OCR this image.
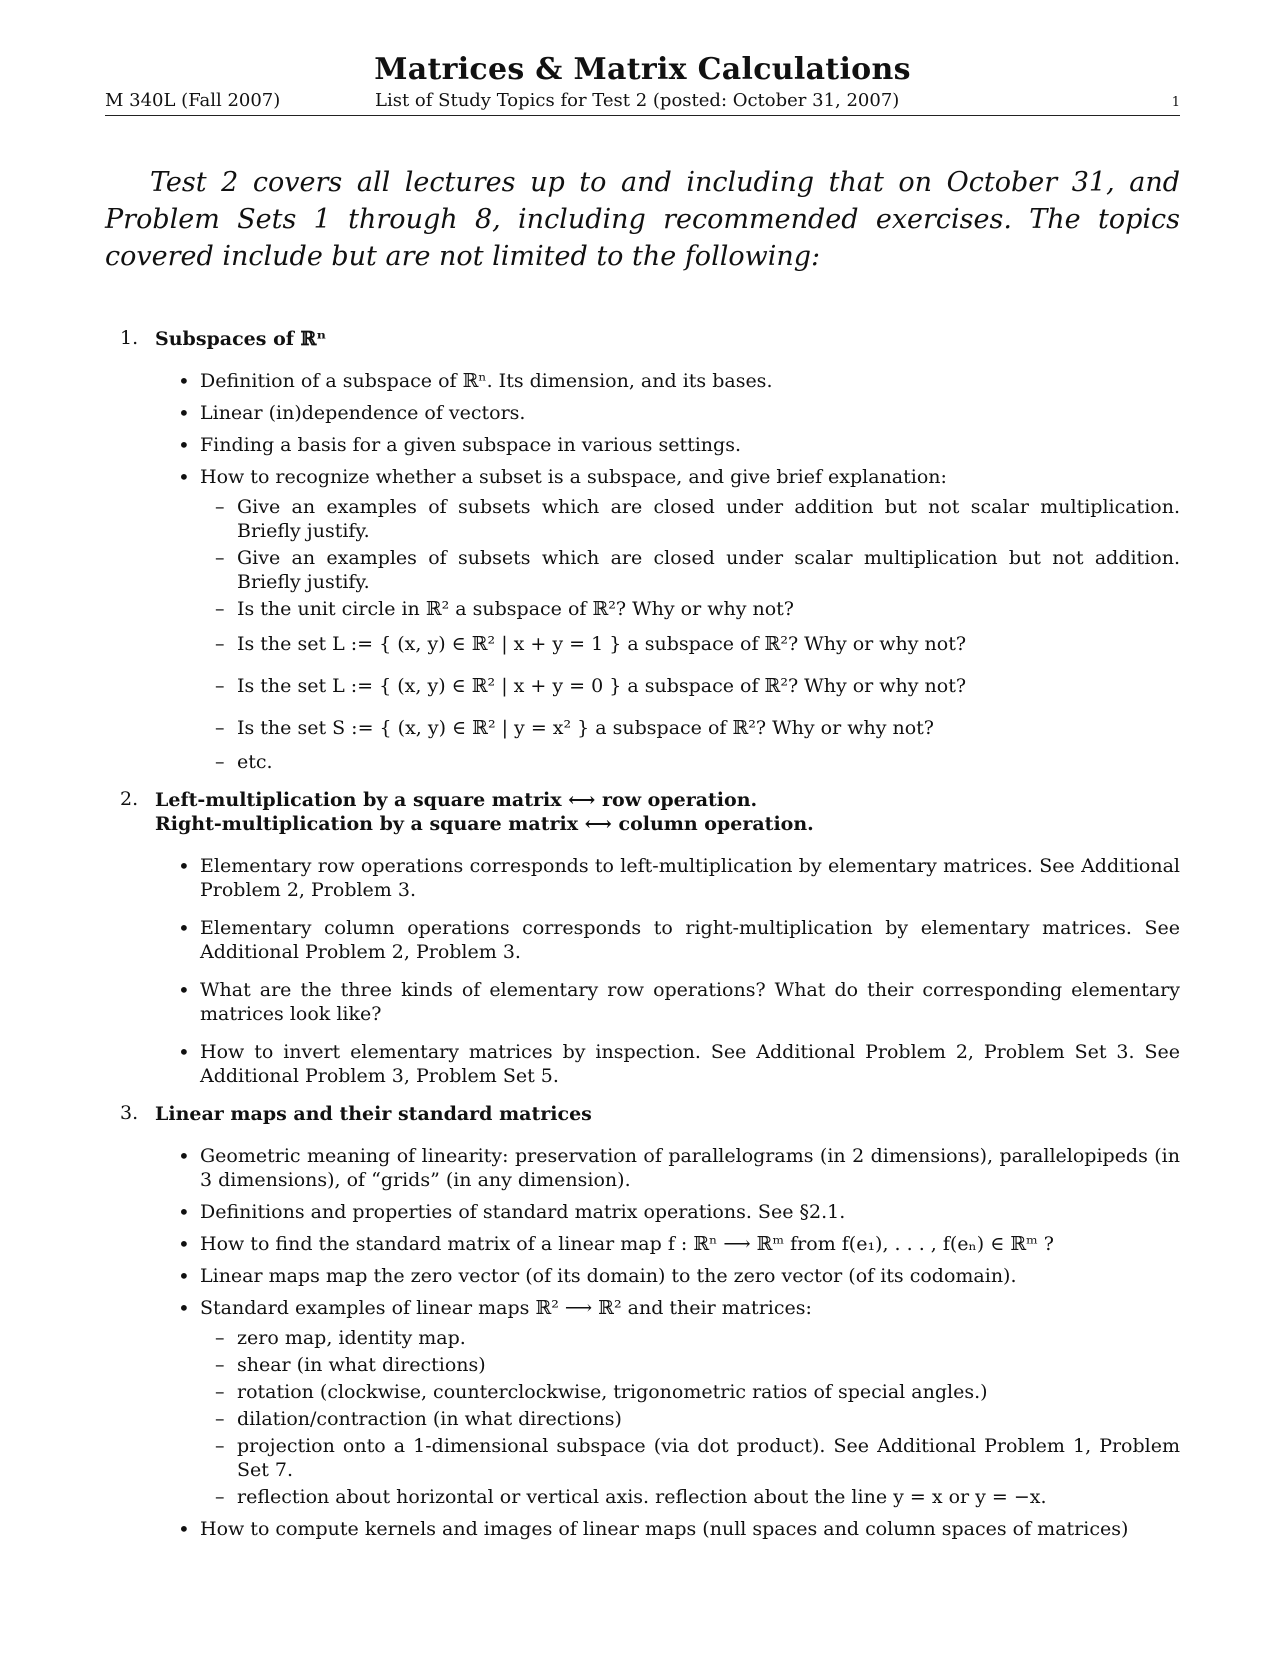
Matrices & Matrix Calculations
M 340L (Fall 2007)	List of Study Topics for Test 2 (posted: October 31, 2007)	1

Test 2 covers all lectures up to and including that on October 31, and Problem Sets 1 through 8, including recommended exercises. The topics covered include but are not limited to the following:

1. Subspaces of ℝⁿ
• Definition of a subspace of ℝⁿ. Its dimension, and its bases.
• Linear (in)dependence of vectors.
• Finding a basis for a given subspace in various settings.
• How to recognize whether a subset is a subspace, and give brief explanation:
– Give an examples of subsets which are closed under addition but not scalar multiplication. Briefly justify.
– Give an examples of subsets which are closed under scalar multiplication but not addition. Briefly justify.
– Is the unit circle in ℝ² a subspace of ℝ²? Why or why not?
– Is the set L := { (x, y) ∈ ℝ² | x + y = 1 } a subspace of ℝ²? Why or why not?
– Is the set L := { (x, y) ∈ ℝ² | x + y = 0 } a subspace of ℝ²? Why or why not?
– Is the set S := { (x, y) ∈ ℝ² | y = x² } a subspace of ℝ²? Why or why not?
– etc.
2. Left-multiplication by a square matrix ⟷ row operation.
Right-multiplication by a square matrix ⟷ column operation.
• Elementary row operations corresponds to left-multiplication by elementary matrices. See Additional Problem 2, Problem 3.
• Elementary column operations corresponds to right-multiplication by elementary matrices. See Additional Problem 2, Problem 3.
• What are the three kinds of elementary row operations? What do their corresponding elementary matrices look like?
• How to invert elementary matrices by inspection. See Additional Problem 2, Problem Set 3. See Additional Problem 3, Problem Set 5.
3. Linear maps and their standard matrices
• Geometric meaning of linearity: preservation of parallelograms (in 2 dimensions), parallelopipeds (in 3 dimensions), of “grids” (in any dimension).
• Definitions and properties of standard matrix operations. See §2.1.
• How to find the standard matrix of a linear map f : ℝⁿ ⟶ ℝᵐ from f(e₁), . . . , f(eₙ) ∈ ℝᵐ ?
• Linear maps map the zero vector (of its domain) to the zero vector (of its codomain).
• Standard examples of linear maps ℝ² ⟶ ℝ² and their matrices:
– zero map, identity map.
– shear (in what directions)
– rotation (clockwise, counterclockwise, trigonometric ratios of special angles.)
– dilation/contraction (in what directions)
– projection onto a 1-dimensional subspace (via dot product). See Additional Problem 1, Problem Set 7.
– reflection about horizontal or vertical axis. reflection about the line y = x or y = −x.
• How to compute kernels and images of linear maps (null spaces and column spaces of matrices)
